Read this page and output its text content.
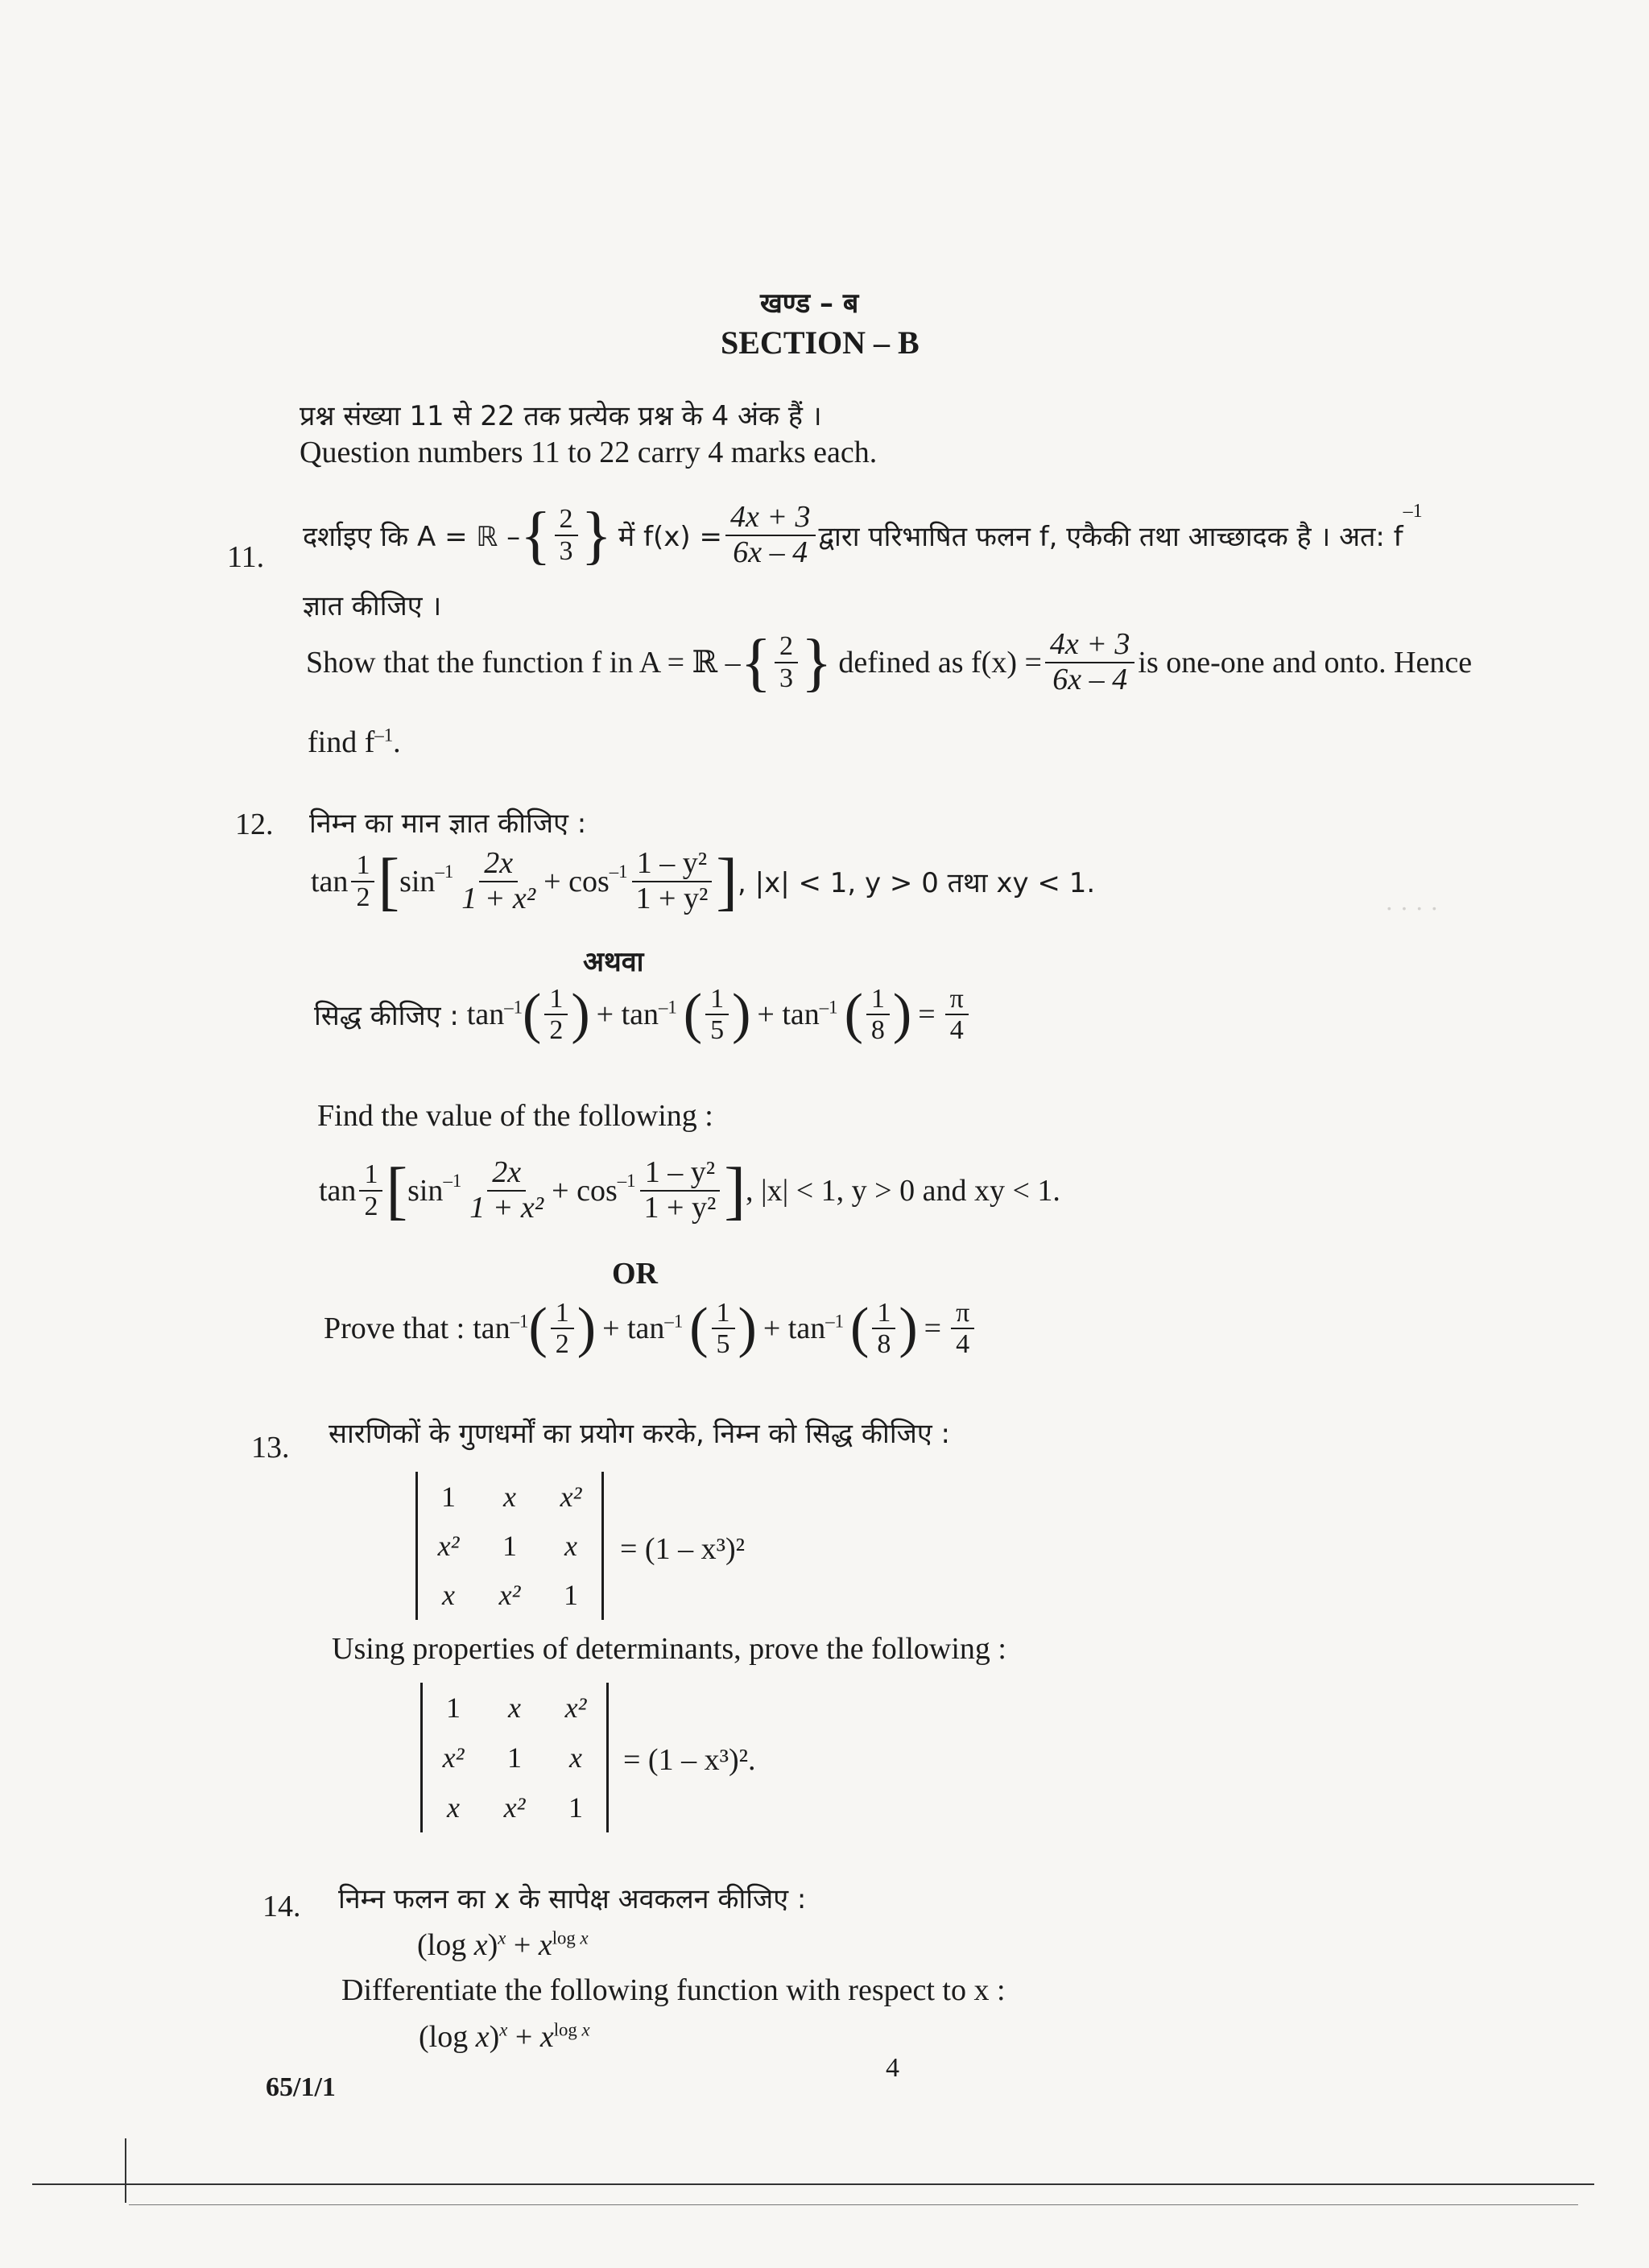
· · · ·
खण्ड – ब
SECTION – B
प्रश्न संख्या 11 से 22 तक प्रत्येक प्रश्न के 4 अंक हैं ।
Question numbers 11 to 22 carry 4 marks each.
11.
दर्शाइए कि A = ℝ – { $\frac{2}{3}$ } में $f(x) = \frac{4x + 3}{6x - 4}$ द्वारा परिभाषित फलन f, एकैकी तथा आच्छादक है । अत: f
$^{-1}$
ज्ञात कीजिए ।
Show that the function f in A = ℝ – { $\frac{2}{3}$ } defined as $f(x) = \frac{4x + 3}{6x - 4}$ is one-one and onto. Hence
find $f^{-1}$.
12. निम्न का मान ज्ञात कीजिए :
$\tan \frac{1}{2}$ [ $\sin^{-1} \frac{2x}{\text{1 + x²}} + \cos^{-1} \frac{\text{1 – y²}}{\text{1 + y²}}$ ] , |x| < 1, y > 0 तथा xy < 1.
अथवा
सिद्ध कीजिए : $\tan^{-1}$ ( $\frac{1}{2}$ ) + $\tan^{-1}$ ( $\frac{1}{5}$ ) + $\tan^{-1}$ ( $\frac{1}{8}$ ) = $\frac{\pi}{4}$
Find the value of the following :
$\tan \frac{1}{2}$ [ $\sin^{-1} \frac{2x}{\text{1 + x²}} + \cos^{-1} \frac{\text{1 – y²}}{\text{1 + y²}}$ ] , |x| < 1, y > 0 and xy < 1.
OR
Prove that : $\tan^{-1}$ ( $\frac{1}{2}$ ) + $\tan^{-1}$ ( $\frac{1}{5}$ ) + $\tan^{-1}$ ( $\frac{1}{8}$ ) = $\frac{\pi}{4}$
13. सारणिकों के गुणधर्मों का प्रयोग करके, निम्न को सिद्ध कीजिए :
1	x	x²
x²	1	x
x	x²	1
= (1 – x³)²
Using properties of determinants, prove the following :
1	x	x²
x²	1	x
x	x²	1
= (1 – x³)².
14. निम्न फलन का x के सापेक्ष अवकलन कीजिए :
(log $x)^x + x^{log x}$
Differentiate the following function with respect to x :
(log $x)^x + x^{log x}$
65/1/1
4
